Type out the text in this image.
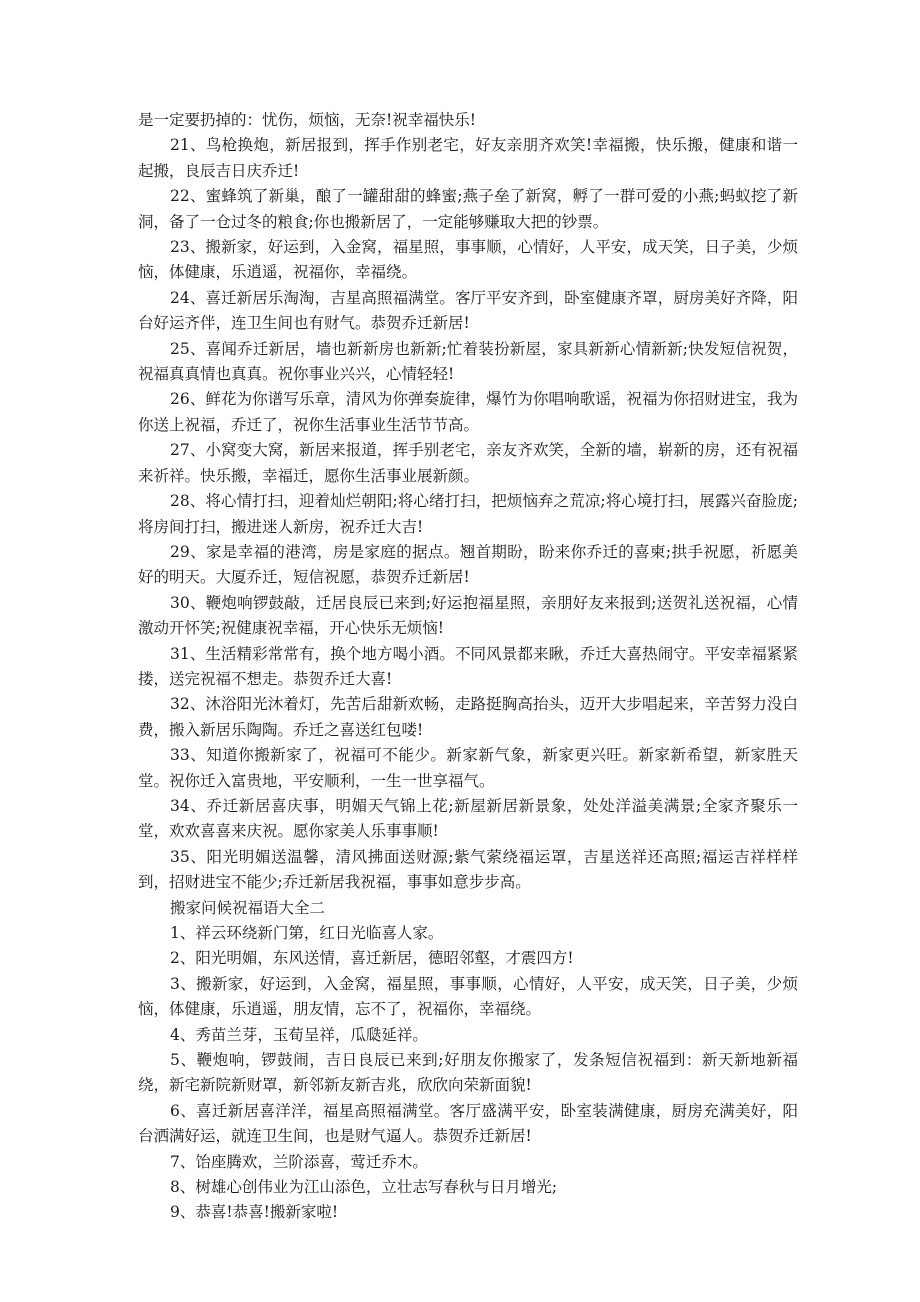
是一定要扔掉的：忧伤，烦恼，无奈!祝幸福快乐!

21、鸟枪换炮，新居报到，挥手作别老宅，好友亲朋齐欢笑!幸福搬，快乐搬，健康和谐一起搬，良辰吉日庆乔迁!

22、蜜蜂筑了新巢，酿了一罐甜甜的蜂蜜;燕子垒了新窝，孵了一群可爱的小燕;蚂蚁挖了新洞，备了一仓过冬的粮食;你也搬新居了，一定能够赚取大把的钞票。

23、搬新家，好运到，入金窝，福星照，事事顺，心情好，人平安，成天笑，日子美，少烦恼，体健康，乐逍遥，祝福你，幸福绕。

24、喜迁新居乐淘淘，吉星高照福满堂。客厅平安齐到，卧室健康齐罩，厨房美好齐降，阳台好运齐伴，连卫生间也有财气。恭贺乔迁新居!

25、喜闻乔迁新居，墙也新新房也新新;忙着装扮新屋，家具新新心情新新;快发短信祝贺，祝福真真情也真真。祝你事业兴兴，心情轻轻!

26、鲜花为你谱写乐章，清风为你弹奏旋律，爆竹为你唱响歌谣，祝福为你招财进宝，我为你送上祝福，乔迁了，祝你生活事业生活节节高。

27、小窝变大窝，新居来报道，挥手别老宅，亲友齐欢笑，全新的墙，崭新的房，还有祝福来祈祥。快乐搬，幸福迁，愿你生活事业展新颜。

28、将心情打扫，迎着灿烂朝阳;将心绪打扫，把烦恼弃之荒凉;将心境打扫，展露兴奋脸庞;将房间打扫，搬进迷人新房，祝乔迁大吉!

29、家是幸福的港湾，房是家庭的据点。翘首期盼，盼来你乔迁的喜柬;拱手祝愿，祈愿美好的明天。大厦乔迁，短信祝愿，恭贺乔迁新居!

30、鞭炮响锣鼓敲，迁居良辰已来到;好运抱福星照，亲朋好友来报到;送贺礼送祝福，心情激动开怀笑;祝健康祝幸福，开心快乐无烦恼!

31、生活精彩常常有，换个地方喝小酒。不同风景都来瞅，乔迁大喜热闹守。平安幸福紧紧搂，送完祝福不想走。恭贺乔迁大喜!

32、沐浴阳光沐着灯，先苦后甜新欢畅，走路挺胸高抬头，迈开大步唱起来，辛苦努力没白费，搬入新居乐陶陶。乔迁之喜送红包喽!

33、知道你搬新家了，祝福可不能少。新家新气象，新家更兴旺。新家新希望，新家胜天堂。祝你迁入富贵地，平安顺利，一生一世享福气。

34、乔迁新居喜庆事，明媚天气锦上花;新屋新居新景象，处处洋溢美满景;全家齐聚乐一堂，欢欢喜喜来庆祝。愿你家美人乐事事顺!

35、阳光明媚送温馨，清风拂面送财源;紫气萦绕福运罩，吉星送祥还高照;福运吉祥样样到，招财进宝不能少;乔迁新居我祝福，事事如意步步高。

搬家问候祝福语大全二

1、祥云环绕新门第，红日光临喜人家。

2、阳光明媚，东风送情，喜迁新居，德昭邻壑，才震四方!

3、搬新家，好运到，入金窝，福星照，事事顺，心情好，人平安，成天笑，日子美，少烦恼，体健康，乐逍遥，朋友情，忘不了，祝福你，幸福绕。

4、秀苗兰芽，玉荀呈祥，瓜瓞延祥。

5、鞭炮响，锣鼓闹，吉日良辰已来到;好朋友你搬家了，发条短信祝福到：新天新地新福绕，新宅新院新财罩，新邻新友新吉兆，欣欣向荣新面貌!

6、喜迁新居喜洋洋，福星高照福满堂。客厅盛满平安，卧室装满健康，厨房充满美好，阳台洒满好运，就连卫生间，也是财气逼人。恭贺乔迁新居!

7、饴座腾欢，兰阶添喜，莺迁乔木。

8、树雄心创伟业为江山添色，立壮志写春秋与日月增光;

9、恭喜!恭喜!搬新家啦!
